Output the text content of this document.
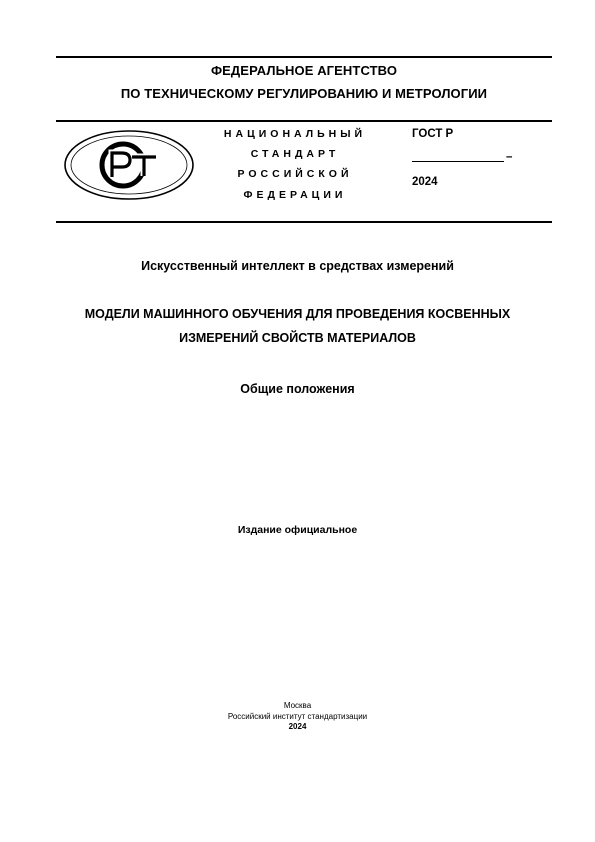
ФЕДЕРАЛЬНОЕ АГЕНТСТВО
ПО ТЕХНИЧЕСКОМУ РЕГУЛИРОВАНИЮ И МЕТРОЛОГИИ
НАЦИОНАЛЬНЫЙ
СТАНДАРТ
РОССИЙСКОЙ
ФЕДЕРАЦИИ
ГОСТ Р
–
2024
Искусственный интеллект в средствах измерений
МОДЕЛИ МАШИННОГО ОБУЧЕНИЯ ДЛЯ ПРОВЕДЕНИЯ КОСВЕННЫХ
ИЗМЕРЕНИЙ СВОЙСТВ МАТЕРИАЛОВ
Общие положения
Издание официальное
Москва
Российский институт стандартизации
2024
